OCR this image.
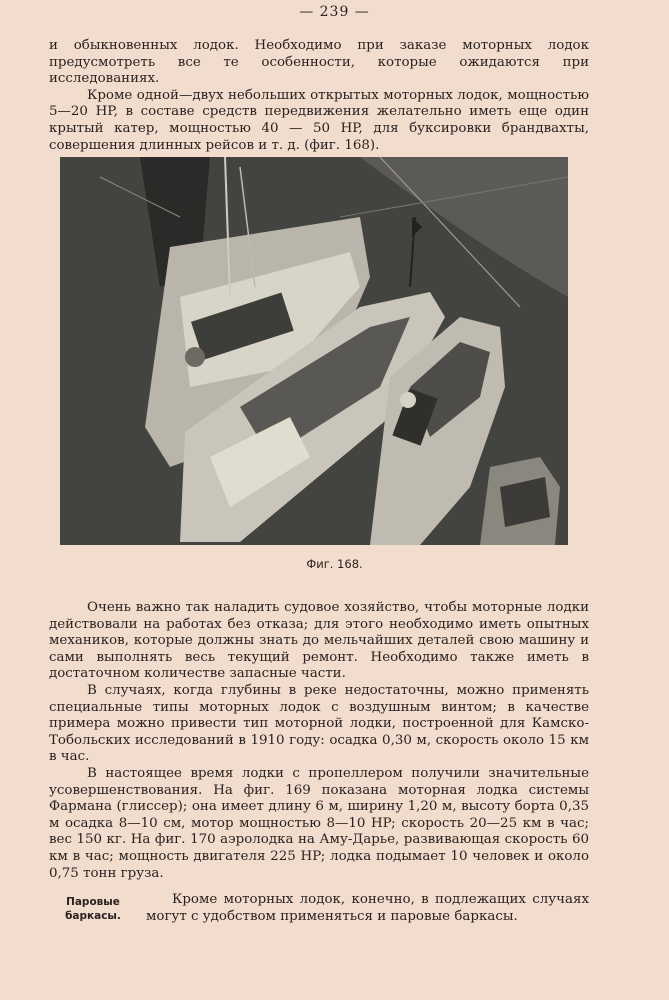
— 239 —

и обыкновенных лодок. Необходимо при заказе моторных лодок предусмотреть все те особенности, которые ожидаются при исследованиях.

Кроме одной—двух небольших открытых моторных лодок, мощностью 5—20 HP, в составе средств передвижения желательно иметь еще один крытый катер, мощностью 40 — 50 HP, для буксировки брандвахты, совершения длинных рейсов и т. д. (фиг. 168).

Фиг. 168.

Очень важно так наладить судовое хозяйство, чтобы моторные лодки действовали на работах без отказа; для этого необходимо иметь опытных механиков, которые должны знать до мельчайших деталей свою машину и сами выполнять весь текущий ремонт. Необходимо также иметь в достаточном количестве запасные части.

В случаях, когда глубины в реке недостаточны, можно применять специальные типы моторных лодок с воздушным винтом; в качестве примера можно привести тип моторной лодки, построенной для Камско-Тобольских исследований в 1910 году: осадка 0,30 м, скорость около 15 км в час.

В настоящее время лодки с пропеллером получили значительные усовершенствования. На фиг. 169 показана моторная лодка системы Фармана (глиссер); она имеет длину 6 м, ширину 1,20 м, высоту борта 0,35 м осадка 8—10 см, мотор мощностью 8—10 HP; скорость 20—25 км в час; вес 150 кг. На фиг. 170 аэролодка на Аму-Дарье, развивающая скорость 60 км в час; мощность двигателя 225 HP; лодка подымает 10 человек и около 0,75 тонн груза.

Паровые баркасы.

Кроме моторных лодок, конечно, в подлежащих случаях могут с удобством применяться и паровые баркасы.
